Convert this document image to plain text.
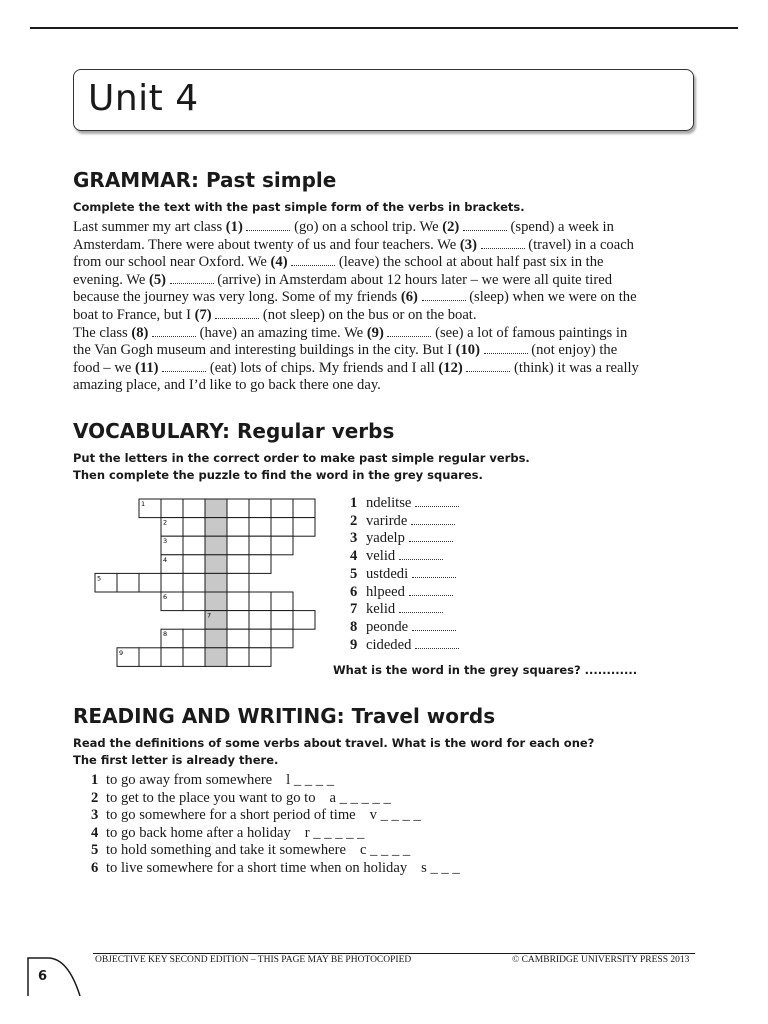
Unit 4
GRAMMAR: Past simple
Complete the text with the past simple form of the verbs in brackets.
Last summer my art class (1)	(go) on a school trip. We (2)	(spend) a week in
Amsterdam. There were about twenty of us and four teachers. We (3)	(travel) in a coach
from our school near Oxford. We (4)	(leave) the school at about half past six in the
evening. We (5)	(arrive) in Amsterdam about 12 hours later – we were all quite tired
because the journey was very long. Some of my friends (6)	(sleep) when we were on the
boat to France, but I (7)	(not sleep) on the bus or on the boat.
The class (8)	(have) an amazing time. We (9)	(see) a lot of famous paintings in
the Van Gogh museum and interesting buildings in the city. But I (10)	(not enjoy) the
food – we (11)	(eat) lots of chips. My friends and I all (12)	(think) it was a really
amazing place, and I’d like to go back there one day.
VOCABULARY: Regular verbs
Put the letters in the correct order to make past simple regular verbs.
Then complete the puzzle to find the word in the grey squares.
1
2
3
4
5
6
7
8
9
1 ndelitse
2 varirde
3 yadelp
4 velid
5 ustdedi
6 hlpeed
7 kelid
8 peonde
9 cideded
What is the word in the grey squares? ............
READING AND WRITING: Travel words
Read the definitions of some verbs about travel. What is the word for each one?
The first letter is already there.
1 to go away from somewhere l _ _ _ _
2 to get to the place you want to go to a _ _ _ _ _
3 to go somewhere for a short period of time v _ _ _ _
4 to go back home after a holiday r _ _ _ _ _
5 to hold something and take it somewhere c _ _ _ _
6 to live somewhere for a short time when on holiday s _ _ _
OBJECTIVE KEY SECOND EDITION – THIS PAGE MAY BE PHOTOCOPIED	© CAMBRIDGE UNIVERSITY PRESS 2013
6
